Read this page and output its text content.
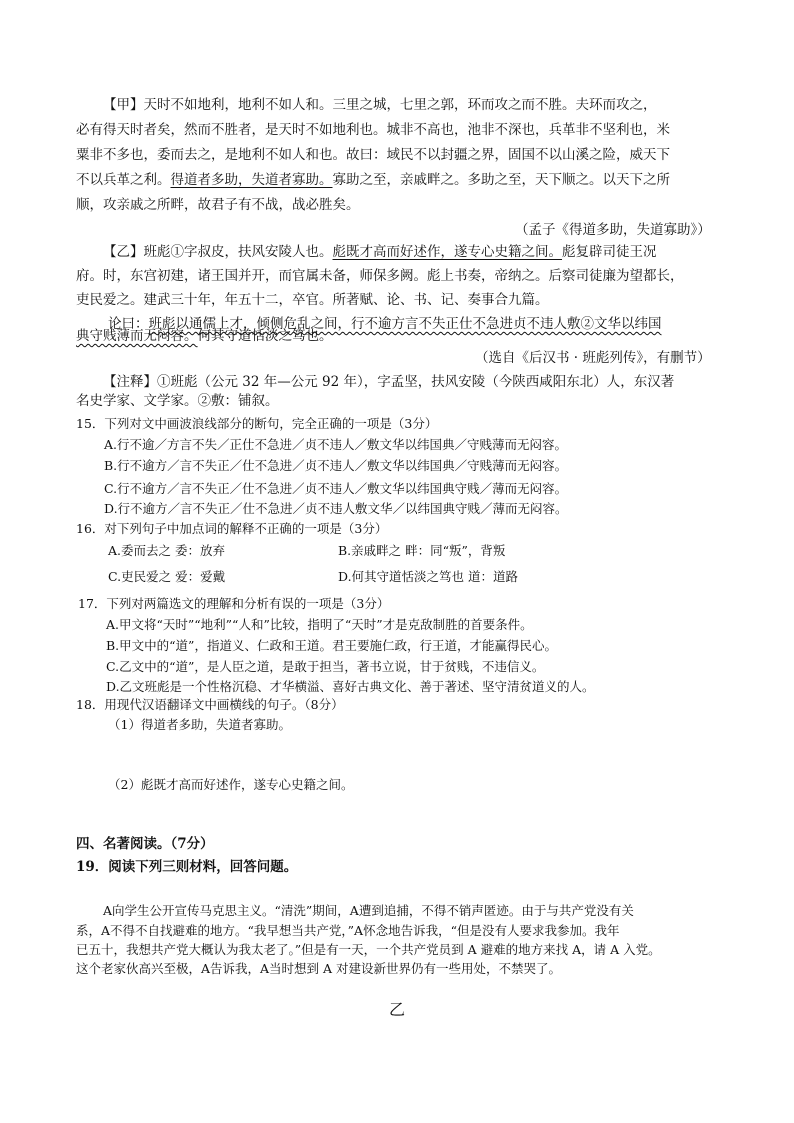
【甲】天时不如地利，地利不如人和。三里之城，七里之郭，环而攻之而不胜。夫环而攻之，
必有得天时者矣，然而不胜者，是天时不如地利也。城非不高也，池非不深也，兵革非不坚利也，米
粟非不多也，委而去之，是地利不如人和也。故曰：域民不以封疆之界，固国不以山溪之险，威天下
不以兵革之利。得道者多助，失道者寡助。寡助之至，亲戚畔之。多助之至，天下顺之。以天下之所
顺，攻亲戚之所畔，故君子有不战，战必胜矣。
（孟子《得道多助，失道寡助》）
【乙】班彪①字叔皮，扶风安陵人也。彪既才高而好述作，遂专心史籍之间。彪复辟司徒王况
府。时，东宫初建，诸王国并开，而官属未备，师保多阙。彪上书奏，帝纳之。后察司徒廉为望都长，
吏民爱之。建武三十年，年五十二，卒官。所著赋、论、书、记、奏事合九篇。
论曰：班彪以通儒上才，倾侧危乱之间，行不逾方言不失正仕不急进贞不违人敷②文华以纬国
典守贱薄而无闷容。何其守道恬淡之笃也。
（选自《后汉书 · 班彪列传》，有删节）
【注释】①班彪（公元 32 年—公元 92 年），字孟坚，扶风安陵（今陕西咸阳东北）人，东汉著
名史学家、文学家。②敷：铺叙。
15．下列对文中画波浪线部分的断句，完全正确的一项是（3分）
A.行不逾／方言不失／正仕不急进／贞不违人／敷文华以纬国典／守贱薄而无闷容。
B.行不逾方／言不失正／仕不急进／贞不违人／敷文华以纬国典／守贱薄而无闷容。
C.行不逾方／言不失正／仕不急进／贞不违人／敷文华以纬国典守贱／薄而无闷容。
D.行不逾方／言不失正／仕不急进／贞不违人敷文华／以纬国典守贱／薄而无闷容。
16．对下列句子中加点词的解释不正确的一项是（3分）
A.委而去之 委：放弃	B.亲戚畔之 畔：同“叛”，背叛
C.吏民爱之 爱：爱戴	D.何其守道恬淡之笃也 道：道路
17．下列对两篇选文的理解和分析有误的一项是（3分）
A.甲文将“天时”“地利”“人和”比较，指明了“天时”才是克敌制胜的首要条件。
B.甲文中的“道”，指道义、仁政和王道。君王要施仁政，行王道，才能赢得民心。
C.乙文中的“道”，是人臣之道，是敢于担当，著书立说，甘于贫贱，不违信义。
D.乙文班彪是一个性格沉稳、才华横溢、喜好古典文化、善于著述、坚守清贫道义的人。
18．用现代汉语翻译文中画横线的句子。（8分）
（1）得道者多助，失道者寡助。
（2）彪既才高而好述作，遂专心史籍之间。
四、名著阅读。（7分）
19．阅读下列三则材料，回答问题。
A向学生公开宣传马克思主义。“清洗”期间，A遭到追捕，不得不销声匿迹。由于与共产党没有关
系，A不得不自找避难的地方。“我早想当共产党，”A怀念地告诉我，“但是没有人要求我参加。我年
已五十，我想共产党大概认为我太老了。”但是有一天，一个共产党员到 A 避难的地方来找 A，请 A 入党。
这个老家伙高兴至极，A告诉我，A当时想到 A 对建设新世界仍有一些用处，不禁哭了。
乙
